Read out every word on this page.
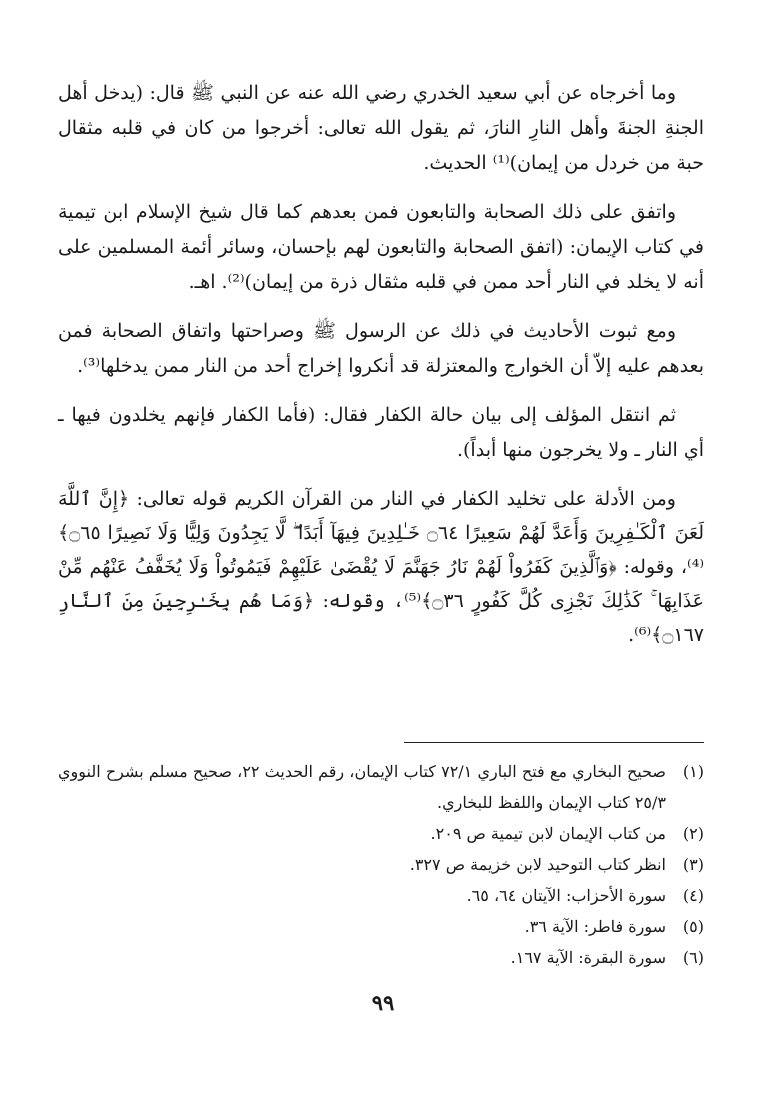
وما أخرجاه عن أبي سعيد الخدري رضي الله عنه عن النبي ﷺ قال: (يدخل أهل الجنةِ الجنةَ وأهل النارِ النارَ، ثم يقول الله تعالى: أخرجوا من كان في قلبه مثقال حبة من خردل من إيمان)⁽¹⁾ الحديث.

واتفق على ذلك الصحابة والتابعون فمن بعدهم كما قال شيخ الإسلام ابن تيمية في كتاب الإيمان: (اتفق الصحابة والتابعون لهم بإحسان، وسائر أئمة المسلمين على أنه لا يخلد في النار أحد ممن في قلبه مثقال ذرة من إيمان)⁽²⁾. اهـ.

ومع ثبوت الأحاديث في ذلك عن الرسول ﷺ وصراحتها واتفاق الصحابة فمن بعدهم عليه إلاّ أن الخوارج والمعتزلة قد أنكروا إخراج أحد من النار ممن يدخلها⁽³⁾.

ثم انتقل المؤلف إلى بيان حالة الكفار فقال: (فأما الكفار فإنهم يخلدون فيها ـ أي النار ـ ولا يخرجون منها أبداً).

ومن الأدلة على تخليد الكفار في النار من القرآن الكريم قوله تعالى: ﴿إِنَّ ٱللَّهَ لَعَنَ ٱلْكَـٰفِرِينَ وَأَعَدَّ لَهُمْ سَعِيرًا ۝٦٤ خَـٰلِدِينَ فِيهَآ أَبَدًا ۖ لَّا يَجِدُونَ وَلِيًّا وَلَا نَصِيرًا ۝٦٥﴾⁽⁴⁾، وقوله: ﴿وَٱلَّذِينَ كَفَرُواْ لَهُمْ نَارُ جَهَنَّمَ لَا يُقْضَىٰ عَلَيْهِمْ فَيَمُوتُواْ وَلَا يُخَفَّفُ عَنْهُم مِّنْ عَذَابِهَا ۚ كَذَٰلِكَ نَجْزِى كُلَّ كَفُورٍ ۝٣٦﴾⁽⁵⁾، وقوله: ﴿وَمَا هُم بِخَـٰرِجِينَ مِنَ ٱلنَّارِ ۝١٦٧﴾⁽⁶⁾.

(١)
صحيح البخاري مع فتح الباري ٧٢/١ كتاب الإيمان، رقم الحديث ٢٢، صحيح مسلم بشرح النووي ٢٥/٣ كتاب الإيمان واللفظ للبخاري.
(٢)
من كتاب الإيمان لابن تيمية ص ٢٠٩.
(٣)
انظر كتاب التوحيد لابن خزيمة ص ٣٢٧.
(٤)
سورة الأحزاب: الآيتان ٦٤، ٦٥.
(٥)
سورة فاطر: الآية ٣٦.
(٦)
سورة البقرة: الآية ١٦٧.
٩٩
